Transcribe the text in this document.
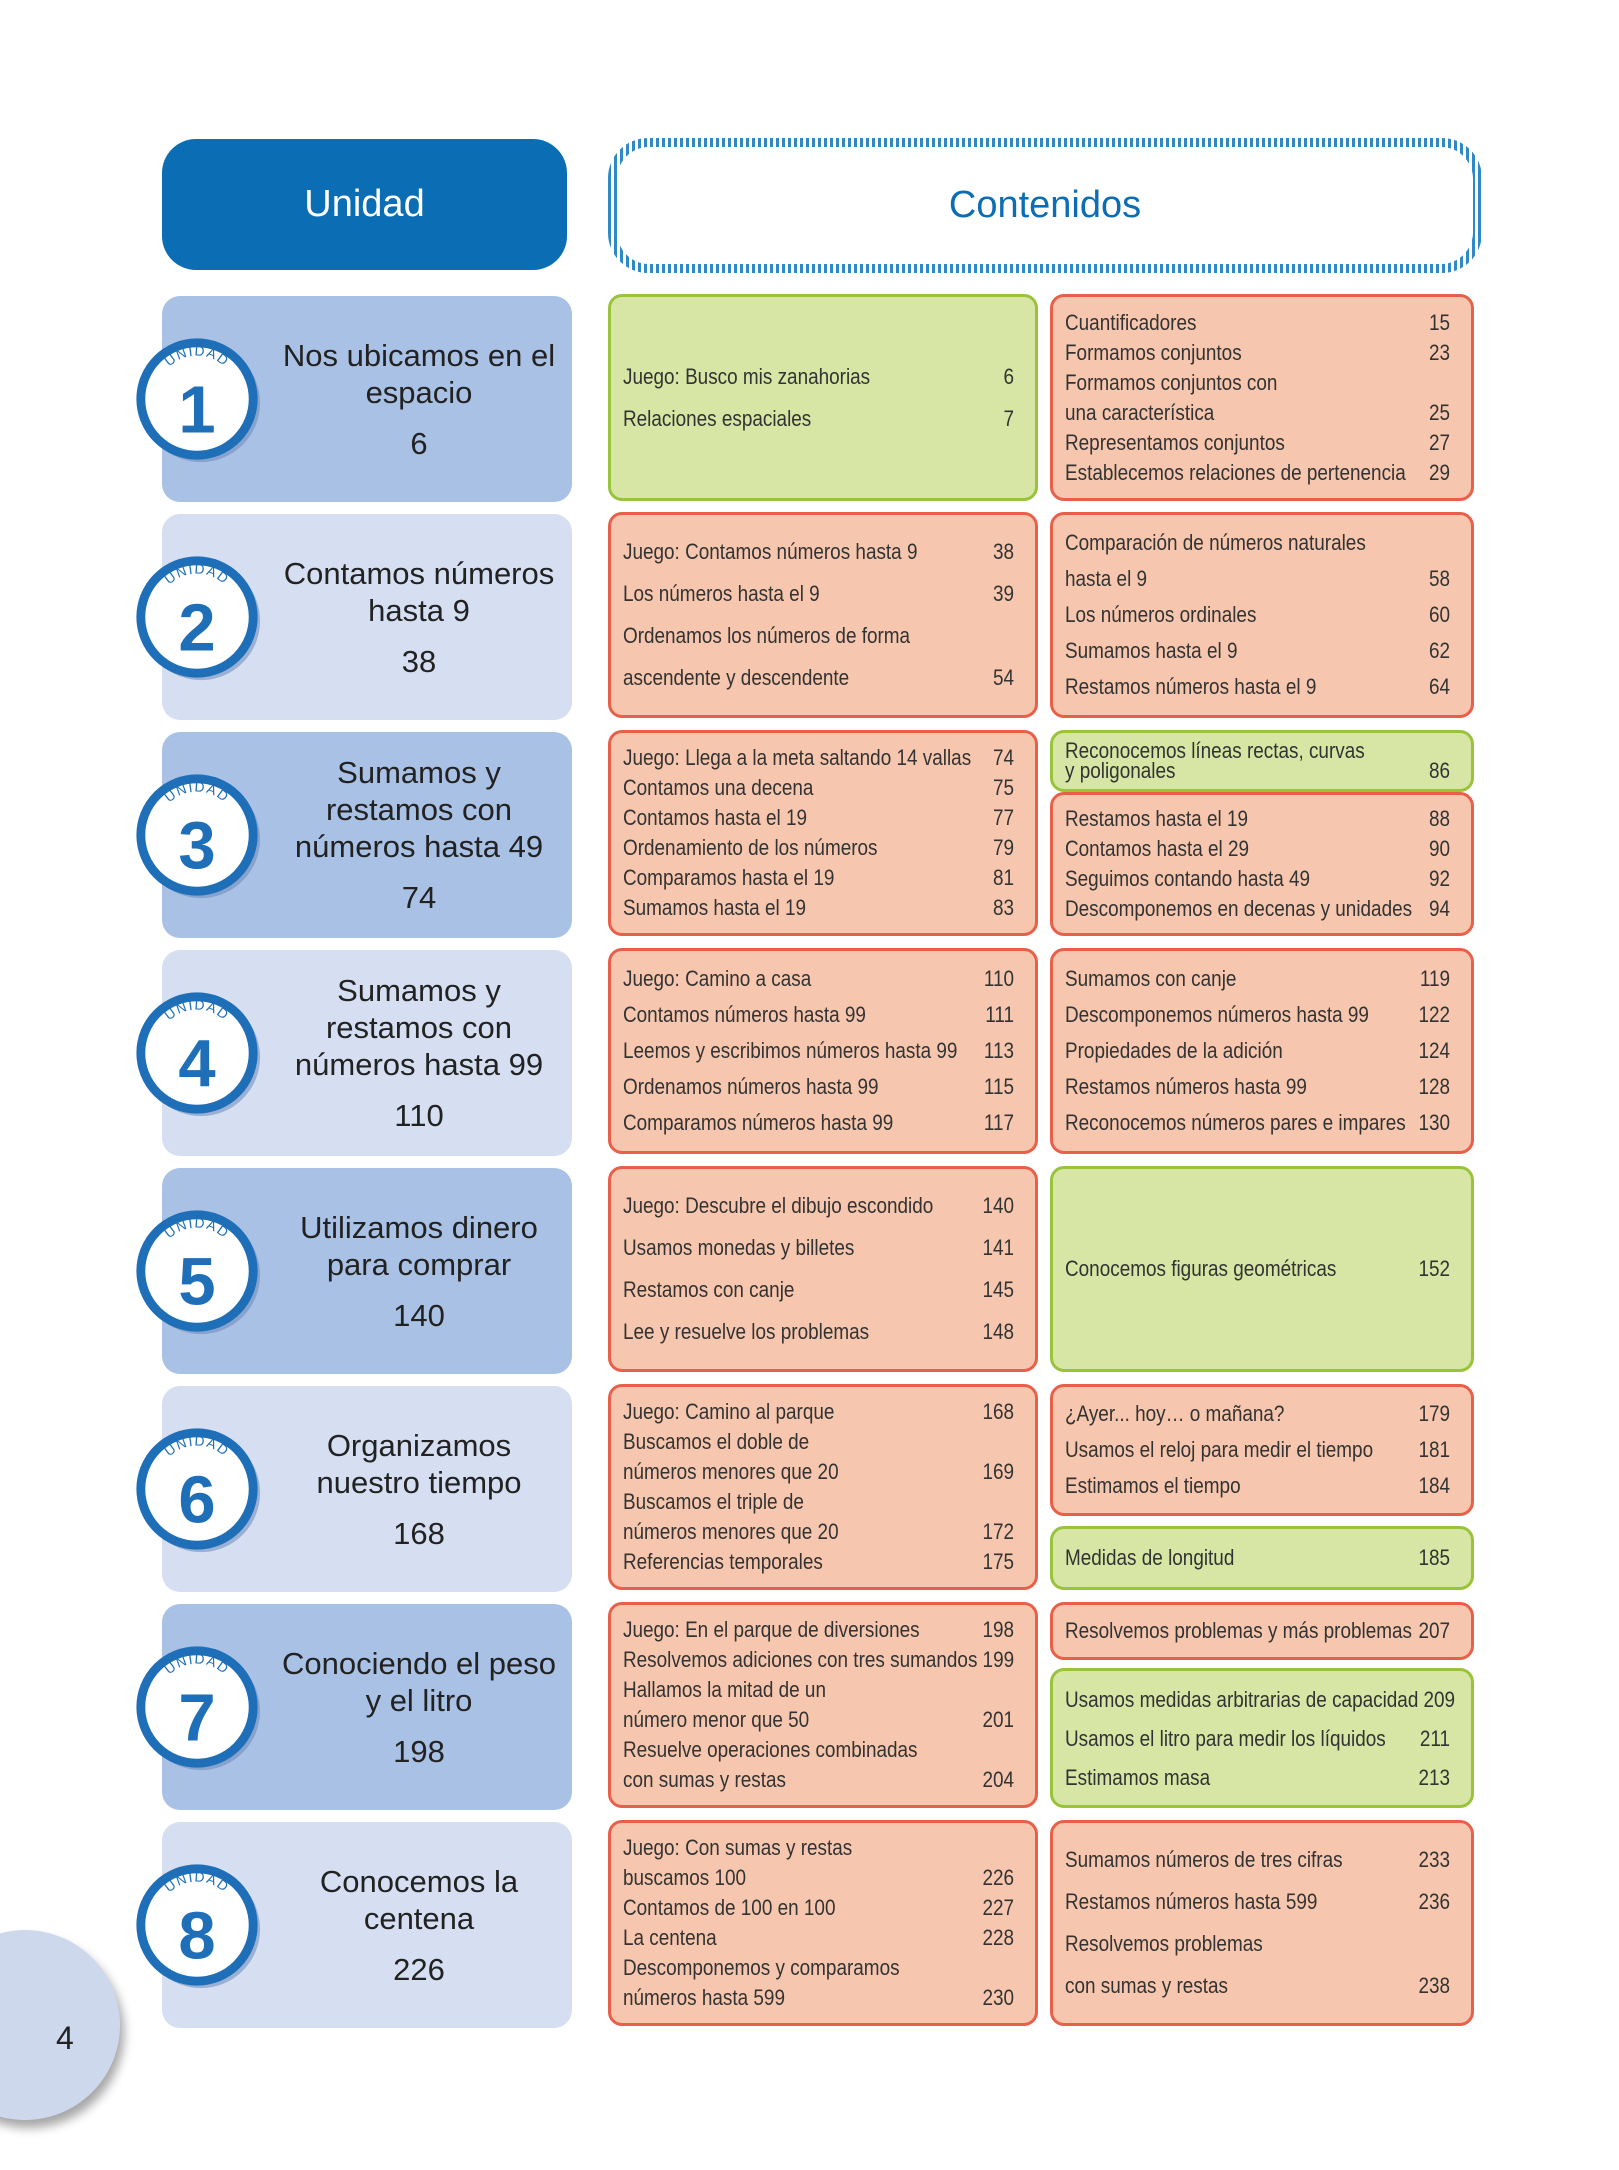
Unidad	Contenidos
Nos ubicamos en el
espacio
6
UNIDAD
1
Contamos números
hasta 9
38
UNIDAD
2
Sumamos y
restamos con
números hasta 49
74
UNIDAD
3
Sumamos y
restamos con
números hasta 99
110
UNIDAD
4
Utilizamos dinero
para comprar
140
UNIDAD
5
Organizamos
nuestro tiempo
168
UNIDAD
6
Conociendo el peso
y el litro
198
UNIDAD
7
Conocemos la
centena
226
UNIDAD
8
Juego: Busco mis zanahorias	6
Relaciones espaciales	7
Cuantificadores	15
Formamos conjuntos	23
Formamos conjuntos con
una característica	25
Representamos conjuntos	27
Establecemos relaciones de pertenencia 29
Juego: Contamos números hasta 9	38
Los números hasta el 9	39
Ordenamos los números de forma
ascendente y descendente	54
Comparación de números naturales
hasta el 9	58
Los números ordinales	60
Sumamos hasta el 9	62
Restamos números hasta el 9	64
Juego: Llega a la meta saltando 14 vallas 74
Contamos una decena	75
Contamos hasta el 19	77
Ordenamiento de los números	79
Comparamos hasta el 19	81
Sumamos hasta el 19	83
Reconocemos líneas rectas, curvas
y poligonales	86
Restamos hasta el 19	88
Contamos hasta el 29	90
Seguimos contando hasta 49	92
Descomponemos en decenas y unidades 94
Juego: Camino a casa	110
Contamos números hasta 99	111
Leemos y escribimos números hasta 99 113
Ordenamos números hasta 99	115
Comparamos números hasta 99	117
Sumamos con canje	119
Descomponemos números hasta 99 122
Propiedades de la adición	124
Restamos números hasta 99	128
Reconocemos números pares e impares 130
Juego: Descubre el dibujo escondido 140
Usamos monedas y billetes	141
Restamos con canje	145
Lee y resuelve los problemas	148
Conocemos figuras geométricas	152
Juego: Camino al parque	168
Buscamos el doble de
números menores que 20	169
Buscamos el triple de
números menores que 20	172
Referencias temporales	175
¿Ayer... hoy… o mañana?	179
Usamos el reloj para medir el tiempo 181
Estimamos el tiempo	184
Medidas de longitud	185
Juego: En el parque de diversiones	198
Resolvemos adiciones con tres sumandos 199
Hallamos la mitad de un
número menor que 50	201
Resuelve operaciones combinadas
con sumas y restas	204
Resolvemos problemas y más problemas 207
Usamos medidas arbitrarias de capacidad 209
Usamos el litro para medir los líquidos 211
Estimamos masa	213
Juego: Con sumas y restas
buscamos 100	226
Contamos de 100 en 100	227
La centena	228
Descomponemos y comparamos
números hasta 599	230
Sumamos números de tres cifras	233
Restamos números hasta 599	236
Resolvemos problemas
con sumas y restas	238
4
